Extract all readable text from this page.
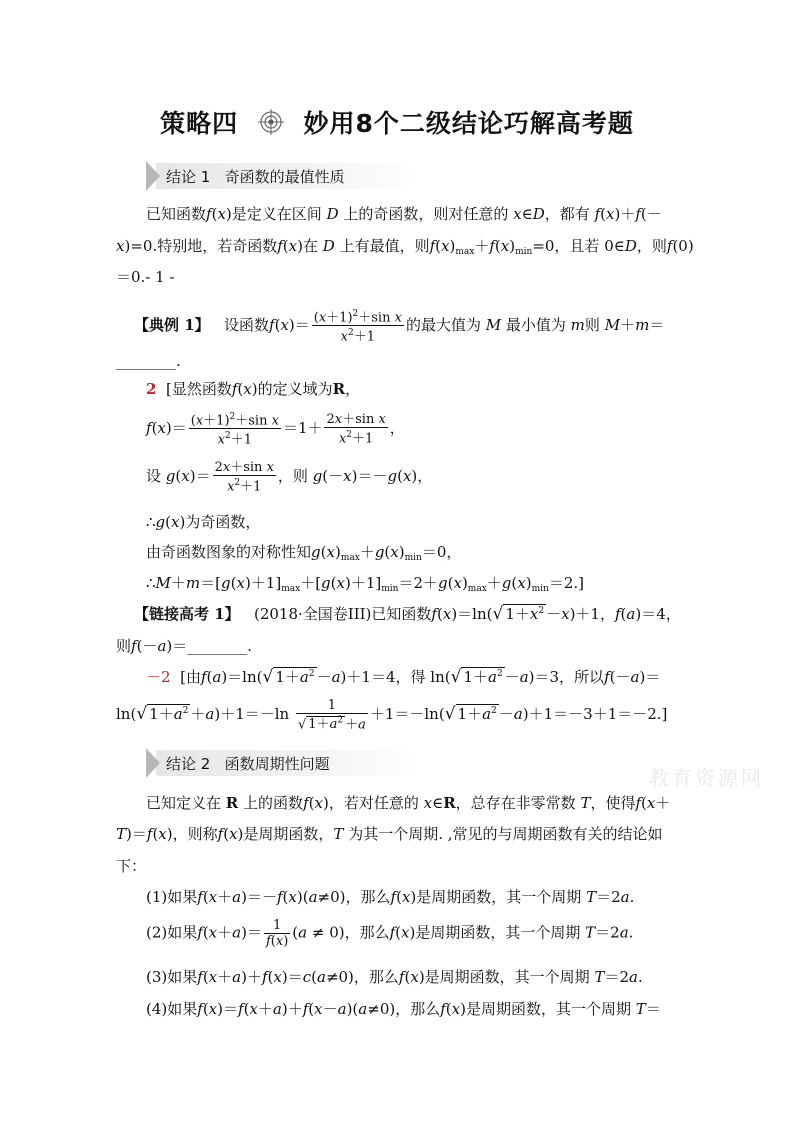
策略四	妙用8个二级结论巧解高考题
结论 1 奇函数的最值性质
已知函数f(x)是定义在区间 D 上的奇函数，则对任意的 x∈D，都有 f(x)＋f(－
x)=0.特别地，若奇函数f(x)在 D 上有最值，则$f(x)_{max}+f(x)_{min}=0$，且若 0∈D，则f(0)
＝0.- 1 -
【典例 1】 设函数$f(x)= \frac{(x+1)^2+\sin x}{x^2+1}$ 的最大值为 M 最小值为 m则 M＋m＝
________.
2 [显然函数f(x)的定义域为R，
$f(x)= \frac{(x+1)^2+\sin x}{x^2+1} =1+ \frac{\text{2x＋sin x}}{x^2+1}$ ，
设 $g(x)= \frac{\text{2x＋sin x}}{x^2+1}$ ，则 g(－x)＝－g(x)，
∴g(x)为奇函数，
由奇函数图象的对称性知$g(x)_{max}+g(x)_{min}=0$，
$\therefore M+m=[g(x)+1]_{max}+[g(x)+1]_{min}=2+g(x)_{max}+g(x)_{min}=2$.]
【链接高考 1】 (2018·全国卷III)已知函数f(x)＝ln(√ $1+x^2 -x)+1$，f(a)＝4，
则f(－a)＝________.
－2 [由f(a)＝ln(√ $1+a^2 -a)+1=4$，得 ln(√ $1+a^2 -a)=3$，所以f(－a)＝
ln(√ $1+a^2 +a)+1=-\ln \frac{1}{√ 1+a^2 +a} +1=-\ln(√$ $1+a^2 -a)+1=-3+1=-2$.]
结论 2 函数周期性问题
教育资源网
已知定义在 R 上的函数f(x)，若对任意的 x∈R，总存在非零常数 T，使得f(x＋
T)＝f(x)，则称f(x)是周期函数，T 为其一个周期. ,常见的与周期函数有关的结论如
下：
(1)如果f(x＋a)＝－f(x)(a≠0)，那么f(x)是周期函数，其一个周期 T＝2a.
(2)如果$f(x+a)= \frac{1}{f(x)} (a \ne 0)$，那么f(x)是周期函数，其一个周期 T＝2a.
(3)如果f(x＋a)＋f(x)＝c(a≠0)，那么f(x)是周期函数，其一个周期 T＝2a.
(4)如果f(x)＝f(x＋a)＋f(x－a)(a≠0)，那么f(x)是周期函数，其一个周期 T＝
